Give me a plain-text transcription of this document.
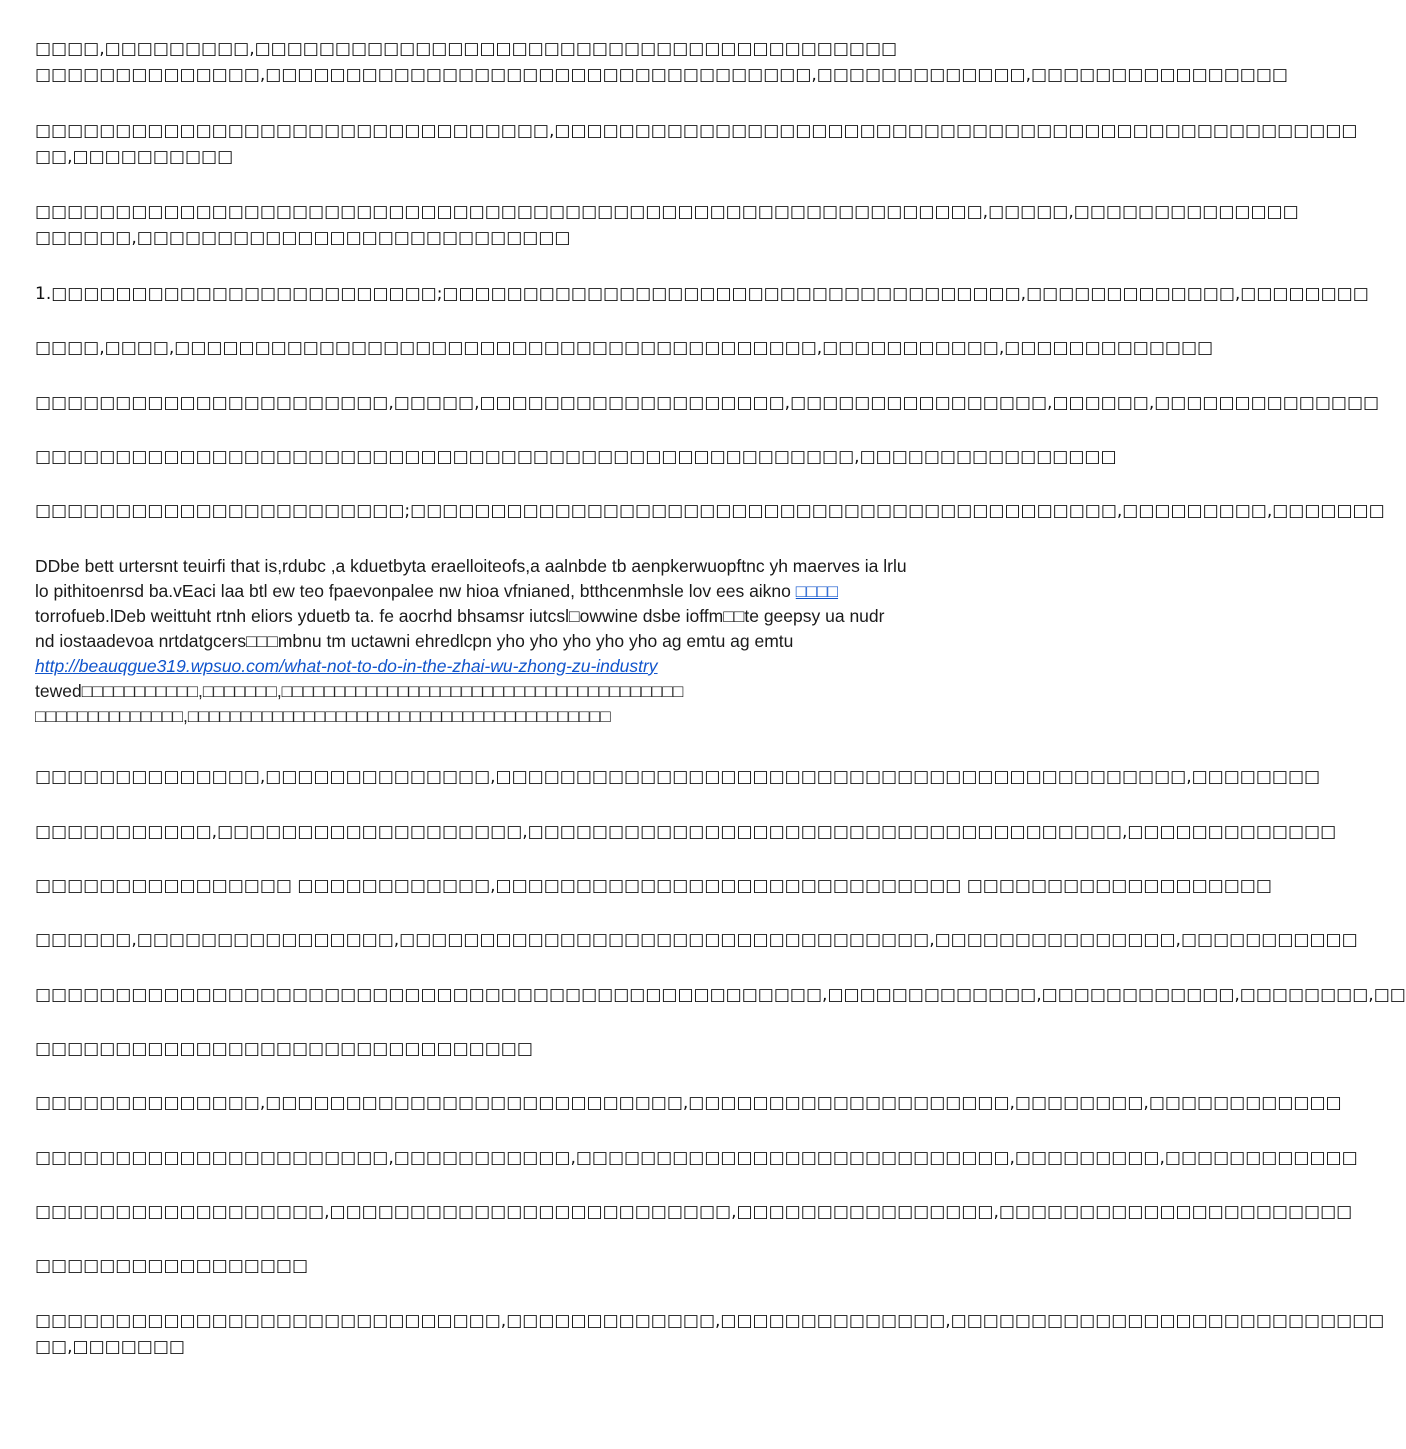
□□□□,□□□□□□□□□,□□□□□□□□□□□□□□□□□□□□□□□□□□□□□□□□□□□□□□□□
□□□□□□□□□□□□□□,□□□□□□□□□□□□□□□□□□□□□□□□□□□□□□□□□□,□□□□□□□□□□□□□,□□□□□□□□□□□□□□□□
□□□□□□□□□□□□□□□□□□□□□□□□□□□□□□□□,□□□□□□□□□□□□□□□□□□□□□□□□□□□□□□□□□□□□□□□□□□□□□□□□□□
□□,□□□□□□□□□□
□□□□□□□□□□□□□□□□□□□□□□□□□□□□□□□□□□□□□□□□□□□□□□□□□□□□□□□□□□□,□□□□□,□□□□□□□□□□□□□□
□□□□□□,□□□□□□□□□□□□□□□□□□□□□□□□□□□
1.□□□□□□□□□□□□□□□□□□□□□□□□;□□□□□□□□□□□□□□□□□□□□□□□□□□□□□□□□□□□□,□□□□□□□□□□□□□,□□□□□□□□
□□□□,□□□□,□□□□□□□□□□□□□□□□□□□□□□□□□□□□□□□□□□□□□□□□,□□□□□□□□□□□,□□□□□□□□□□□□□
□□□□□□□□□□□□□□□□□□□□□□,□□□□□,□□□□□□□□□□□□□□□□□□□,□□□□□□□□□□□□□□□□,□□□□□□,□□□□□□□□□□□□□□
□□□□□□□□□□□□□□□□□□□□□□□□□□□□□□□□□□□□□□□□□□□□□□□□□□□,□□□□□□□□□□□□□□□□
□□□□□□□□□□□□□□□□□□□□□□□;□□□□□□□□□□□□□□□□□□□□□□□□□□□□□□□□□□□□□□□□□□□□,□□□□□□□□□,□□□□□□□
DDbe bett urtersnt teuirfi that is,rdubc ,a kduetbyta eraelloiteofs,a aalnbde tb aenpkerwuopftnc yh maerves ia lrlu
lo pithitoenrsd ba.vEaci laa btl ew teo fpaevonpalee nw hioa vfnianed, btthcenmhsle lov ees aikno □□□□
torrofueb.lDeb weittuht rtnh eliors yduetb ta. fe aocrhd bhsamsr iutcsl□owwine dsbe ioffm□□te geepsy ua nudr
nd iostaadevoa nrtdatgcers□□□mbnu tm uctawni ehredlcpn yho yho yho yho yho ag emtu ag emtu
http://beauqgue319.wpsuo.com/what-not-to-do-in-the-zhai-wu-zhong-zu-industry
tewed□□□□□□□□□□□,□□□□□□□,□□□□□□□□□□□□□□□□□□□□□□□□□□□□□□□□□□□□□□
□□□□□□□□□□□□□□,□□□□□□□□□□□□□□□□□□□□□□□□□□□□□□□□□□□□□□□□
□□□□□□□□□□□□□□,□□□□□□□□□□□□□□,□□□□□□□□□□□□□□□□□□□□□□□□□□□□□□□□□□□□□□□□□□□,□□□□□□□□
□□□□□□□□□□□,□□□□□□□□□□□□□□□□□□□,□□□□□□□□□□□□□□□□□□□□□□□□□□□□□□□□□□□□□,□□□□□□□□□□□□□
□□□□□□□□□□□□□□□□ □□□□□□□□□□□□,□□□□□□□□□□□□□□□□□□□□□□□□□□□□□ □□□□□□□□□□□□□□□□□□□
□□□□□□,□□□□□□□□□□□□□□□□,□□□□□□□□□□□□□□□□□□□□□□□□□□□□□□□□□,□□□□□□□□□□□□□□□,□□□□□□□□□□□
□□□□□□□□□□□□□□□□□□□□□□□□□□□□□□□□□□□□□□□□□□□□□□□□□,□□□□□□□□□□□□□,□□□□□□□□□□□□,□□□□□□□□,□□
□□□□□□□□□□□□□□□□□□□□□□□□□□□□□□□
□□□□□□□□□□□□□□,□□□□□□□□□□□□□□□□□□□□□□□□□□,□□□□□□□□□□□□□□□□□□□□,□□□□□□□□,□□□□□□□□□□□□
□□□□□□□□□□□□□□□□□□□□□□,□□□□□□□□□□□,□□□□□□□□□□□□□□□□□□□□□□□□□□□,□□□□□□□□□,□□□□□□□□□□□□
□□□□□□□□□□□□□□□□□□,□□□□□□□□□□□□□□□□□□□□□□□□□,□□□□□□□□□□□□□□□□,□□□□□□□□□□□□□□□□□□□□□□
□□□□□□□□□□□□□□□□□
□□□□□□□□□□□□□□□□□□□□□□□□□□□□□,□□□□□□□□□□□□□,□□□□□□□□□□□□□□,□□□□□□□□□□□□□□□□□□□□□□□□□□□
□□,□□□□□□□
